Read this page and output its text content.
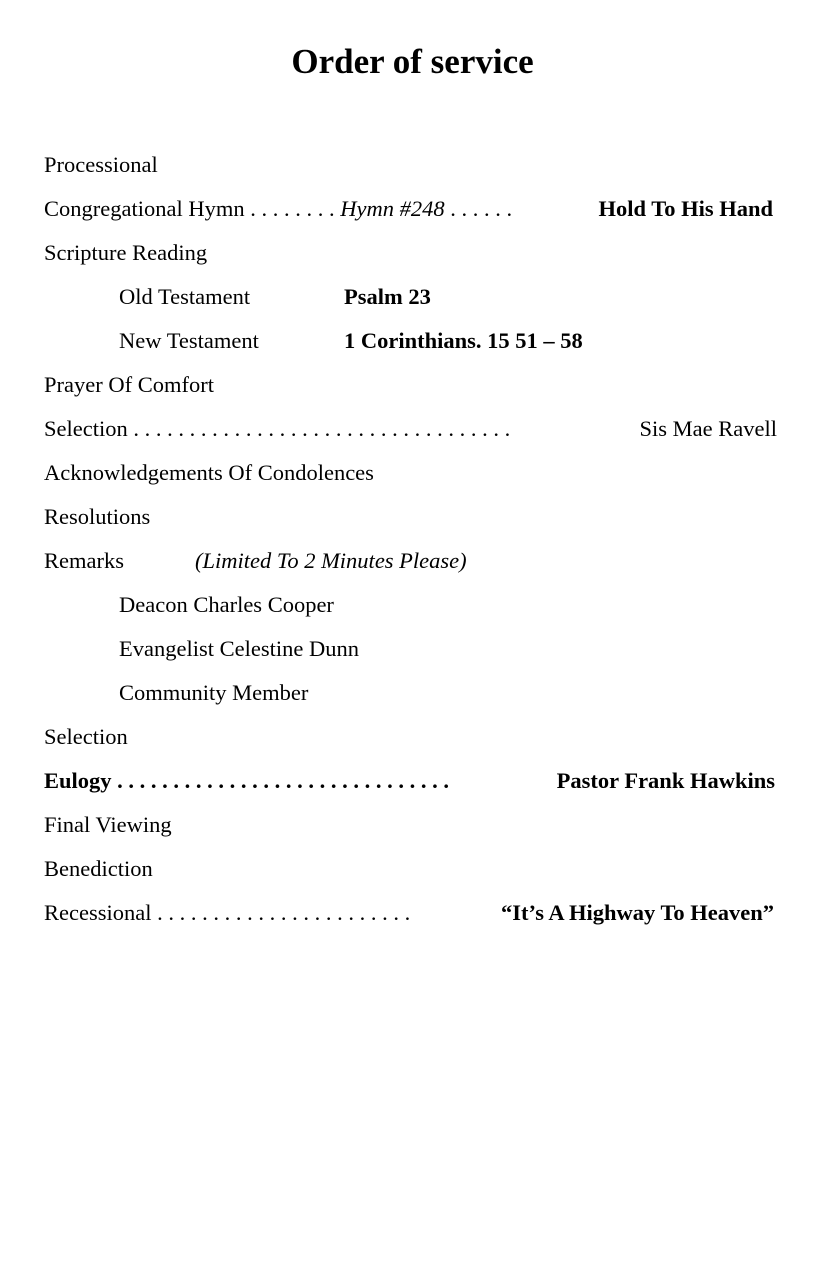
Order of service
Processional
Congregational Hymn . . . . . . . . Hymn #248 . . . . . .	Hold To His Hand
Scripture Reading
Old Testament	Psalm 23
New Testament	1 Corinthians. 15 51 – 58
Prayer Of Comfort
Selection . . . . . . . . . . . . . . . . . . . . . . . . . . . . . . . . . .	Sis Mae Ravell
Acknowledgements Of Condolences
Resolutions
Remarks	(Limited To 2 Minutes Please)
Deacon Charles Cooper
Evangelist Celestine Dunn
Community Member
Selection
Eulogy . . . . . . . . . . . . . . . . . . . . . . . . . . . . . .	Pastor Frank Hawkins
Final Viewing
Benediction
Recessional . . . . . . . . . . . . . . . . . . . . . . .	“It’s A Highway To Heaven”
